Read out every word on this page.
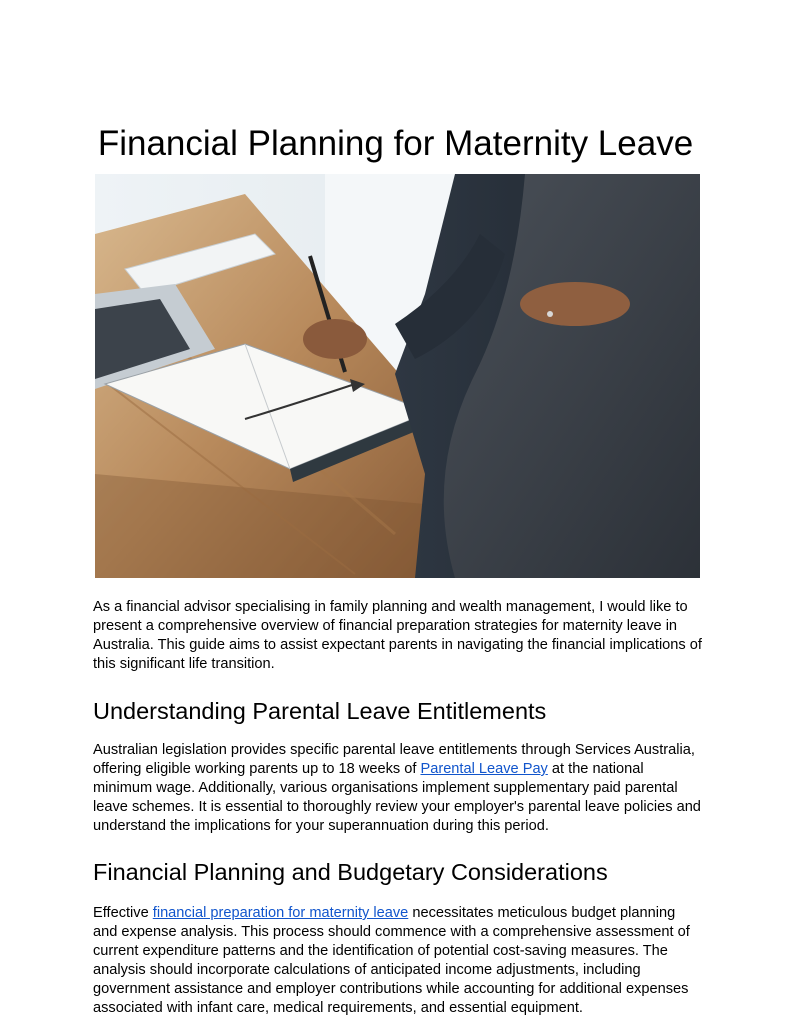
Financial Planning for Maternity Leave

As a financial advisor specialising in family planning and wealth management, I would like to present a comprehensive overview of financial preparation strategies for maternity leave in Australia. This guide aims to assist expectant parents in navigating the financial implications of this significant life transition.

Understanding Parental Leave Entitlements

Australian legislation provides specific parental leave entitlements through Services Australia, offering eligible working parents up to 18 weeks of Parental Leave Pay at the national minimum wage. Additionally, various organisations implement supplementary paid parental leave schemes. It is essential to thoroughly review your employer's parental leave policies and understand the implications for your superannuation during this period.

Financial Planning and Budgetary Considerations

Effective financial preparation for maternity leave necessitates meticulous budget planning and expense analysis. This process should commence with a comprehensive assessment of current expenditure patterns and the identification of potential cost-saving measures. The analysis should incorporate calculations of anticipated income adjustments, including government assistance and employer contributions while accounting for additional expenses associated with infant care, medical requirements, and essential equipment.
